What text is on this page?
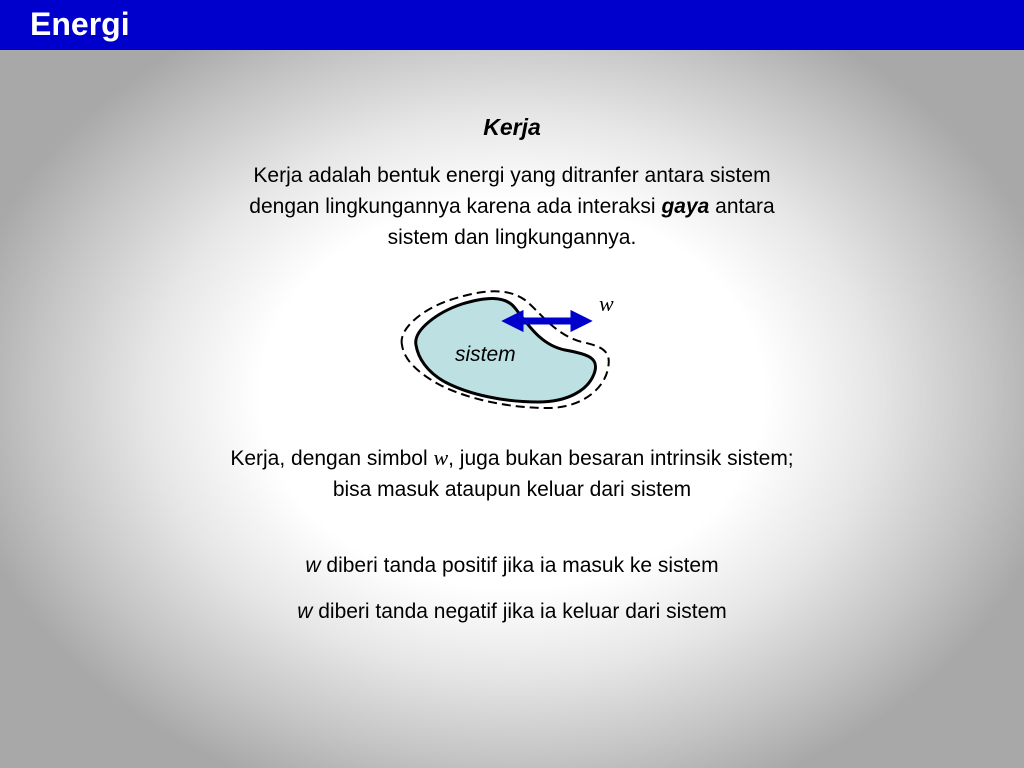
Energi
Kerja
Kerja adalah bentuk energi yang ditranfer antara sistem
dengan lingkungannya karena ada interaksi gaya antara
sistem dan lingkungannya.
sistem
w
Kerja, dengan simbol w, juga bukan besaran intrinsik sistem;
bisa masuk ataupun keluar dari sistem
w diberi tanda positif jika ia masuk ke sistem
w diberi tanda negatif jika ia keluar dari sistem
